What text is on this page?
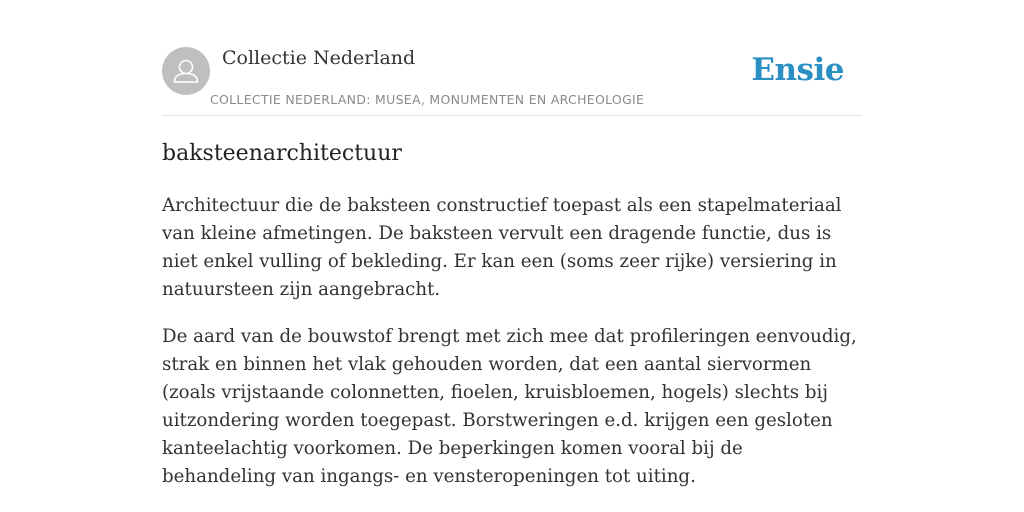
Collectie Nederland
COLLECTIE NEDERLAND: MUSEA, MONUMENTEN EN ARCHEOLOGIE
Ensie
baksteenarchitectuur

Architectuur die de baksteen constructief toepast als een stapelmateriaal van kleine afmetingen. De baksteen vervult een dragende functie, dus is niet enkel vulling of bekleding. Er kan een (soms zeer rijke) versiering in natuursteen zijn aangebracht.

De aard van de bouwstof brengt met zich mee dat profileringen eenvoudig, strak en binnen het vlak gehouden worden, dat een aantal siervormen (zoals vrijstaande colonnetten, fioelen, kruisbloemen, hogels) slechts bij uitzondering worden toegepast. Borstweringen e.d. krijgen een gesloten kanteelachtig voorkomen. De beperkingen komen vooral bij de behandeling van ingangs- en vensteropeningen tot uiting.
